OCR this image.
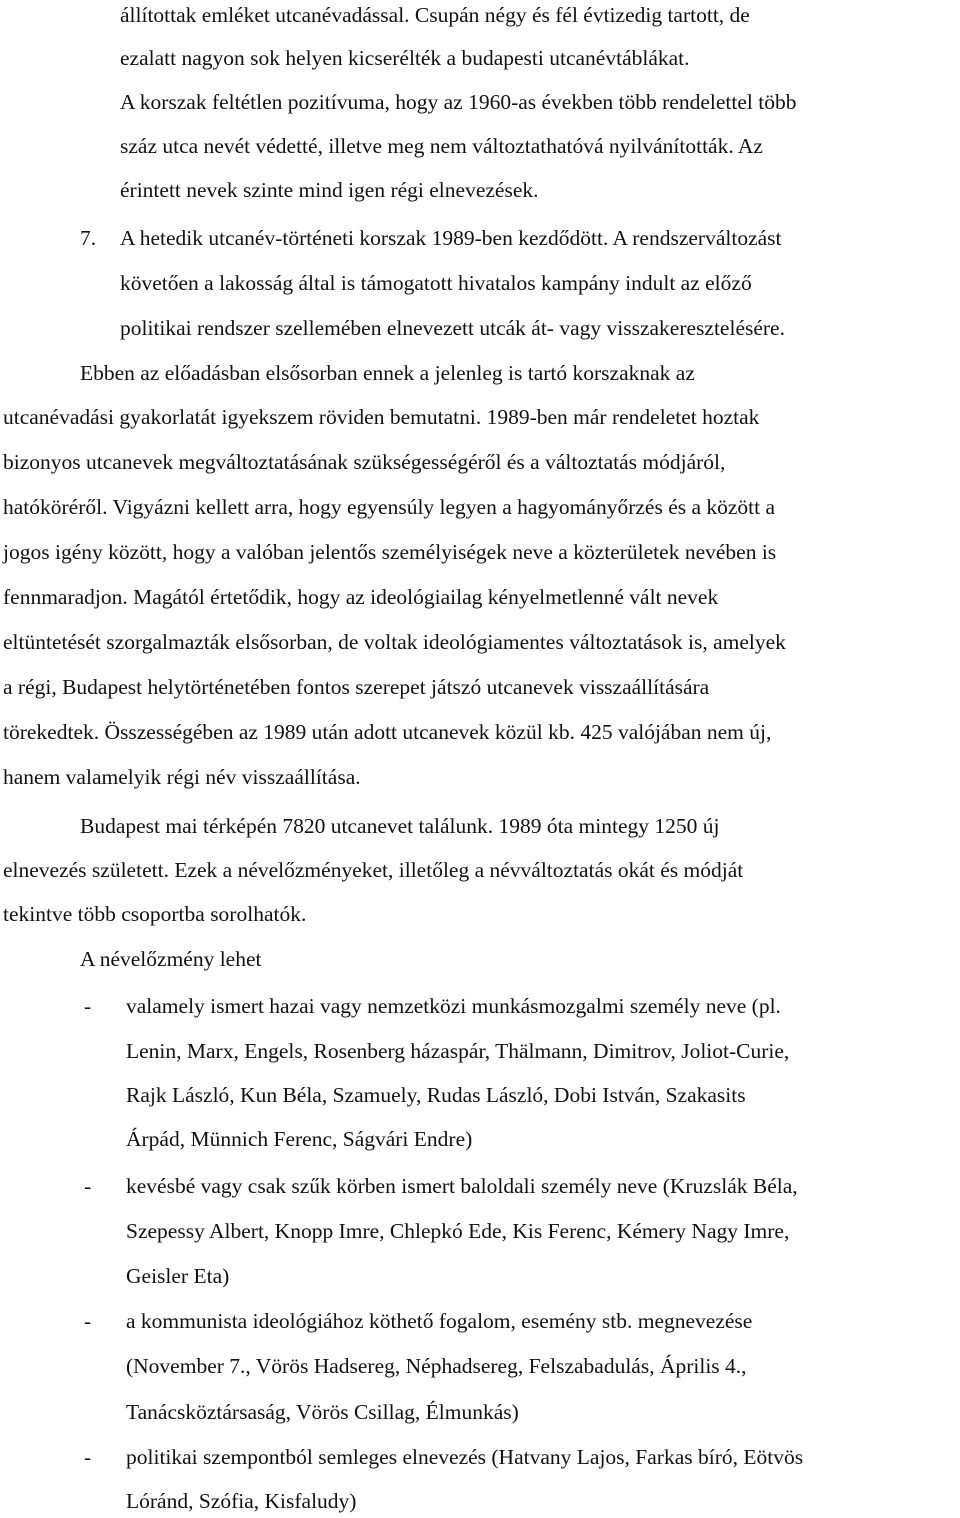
állítottak emléket utcanévadással. Csupán négy és fél évtizedig tartott, de
ezalatt nagyon sok helyen kicserélték a budapesti utcanévtáblákat.
A korszak feltétlen pozitívuma, hogy az 1960-as években több rendelettel több
száz utca nevét védetté, illetve meg nem változtathatóvá nyilvánították. Az
érintett nevek szinte mind igen régi elnevezések.
7. A hetedik utcanév-történeti korszak 1989-ben kezdődött. A rendszerváltozást
követően a lakosság által is támogatott hivatalos kampány indult az előző
politikai rendszer szellemében elnevezett utcák át- vagy visszakeresztelésére.
Ebben az előadásban elsősorban ennek a jelenleg is tartó korszaknak az
utcanévadási gyakorlatát igyekszem röviden bemutatni. 1989-ben már rendeletet hoztak
bizonyos utcanevek megváltoztatásának szükségességéről és a változtatás módjáról,
hatóköréről. Vigyázni kellett arra, hogy egyensúly legyen a hagyományőrzés és a között a
jogos igény között, hogy a valóban jelentős személyiségek neve a közterületek nevében is
fennmaradjon. Magától értetődik, hogy az ideológiailag kényelmetlenné vált nevek
eltüntetését szorgalmazták elsősorban, de voltak ideológiamentes változtatások is, amelyek
a régi, Budapest helytörténetében fontos szerepet játszó utcanevek visszaállítására
törekedtek. Összességében az 1989 után adott utcanevek közül kb. 425 valójában nem új,
hanem valamelyik régi név visszaállítása.
Budapest mai térképén 7820 utcanevet találunk. 1989 óta mintegy 1250 új
elnevezés született. Ezek a névelőzményeket, illetőleg a névváltoztatás okát és módját
tekintve több csoportba sorolhatók.
A névelőzmény lehet
- valamely ismert hazai vagy nemzetközi munkásmozgalmi személy neve (pl.
Lenin, Marx, Engels, Rosenberg házaspár, Thälmann, Dimitrov, Joliot-Curie,
Rajk László, Kun Béla, Szamuely, Rudas László, Dobi István, Szakasits
Árpád, Münnich Ferenc, Ságvári Endre)
- kevésbé vagy csak szűk körben ismert baloldali személy neve (Kruzslák Béla,
Szepessy Albert, Knopp Imre, Chlepkó Ede, Kis Ferenc, Kémery Nagy Imre,
Geisler Eta)
- a kommunista ideológiához köthető fogalom, esemény stb. megnevezése
(November 7., Vörös Hadsereg, Néphadsereg, Felszabadulás, Április 4.,
Tanácsköztársaság, Vörös Csillag, Élmunkás)
- politikai szempontból semleges elnevezés (Hatvany Lajos, Farkas bíró, Eötvös
Lóránd, Szófia, Kisfaludy)
